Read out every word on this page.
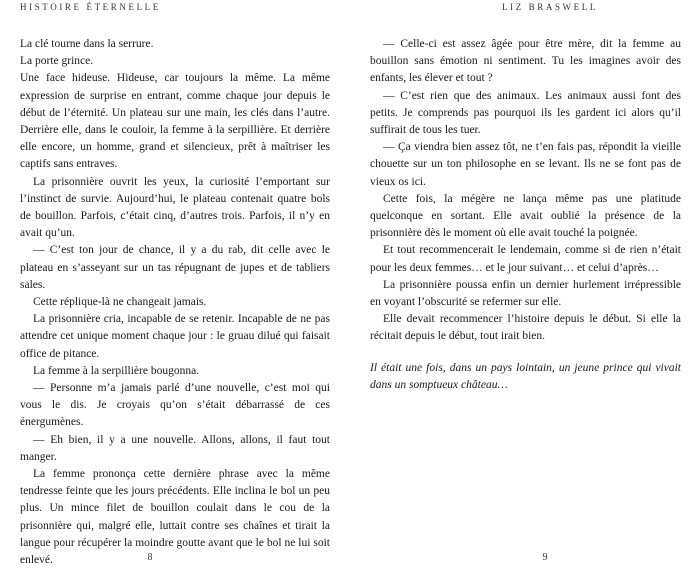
HISTOIRE ÉTERNELLE

La clé tourne dans la serrure.

La porte grince.

Une face hideuse. Hideuse, car toujours la même. La même expression de surprise en entrant, comme chaque jour depuis le début de l’éternité. Un plateau sur une main, les clés dans l’autre. Derrière elle, dans le couloir, la femme à la serpillière. Et derrière elle encore, un homme, grand et silencieux, prêt à maîtriser les captifs sans entraves.

La prisonnière ouvrit les yeux, la curiosité l’emportant sur l’instinct de survie. Aujourd’hui, le plateau contenait quatre bols de bouillon. Parfois, c’était cinq, d’autres trois. Parfois, il n’y en avait qu’un.

— C’est ton jour de chance, il y a du rab, dit celle avec le plateau en s’asseyant sur un tas répugnant de jupes et de tabliers sales.

Cette réplique-là ne changeait jamais.

La prisonnière cria, incapable de se retenir. Incapable de ne pas attendre cet unique moment chaque jour : le gruau dilué qui faisait office de pitance.

La femme à la serpillière bougonna.

— Personne m’a jamais parlé d’une nouvelle, c’est moi qui vous le dis. Je croyais qu’on s’était débarrassé de ces énergumènes.

— Eh bien, il y a une nouvelle. Allons, allons, il faut tout manger.

La femme prononça cette dernière phrase avec la même tendresse feinte que les jours précédents. Elle inclina le bol un peu plus. Un mince filet de bouillon coulait dans le cou de la prisonnière qui, malgré elle, luttait contre ses chaînes et tirait la langue pour récupérer la moindre goutte avant que le bol ne lui soit enlevé.	8
LIZ BRASWELL

— Celle-ci est assez âgée pour être mère, dit la femme au bouillon sans émotion ni sentiment. Tu les imagines avoir des enfants, les élever et tout ?

— C’est rien que des animaux. Les animaux aussi font des petits. Je comprends pas pourquoi ils les gardent ici alors qu’il suffirait de tous les tuer.

— Ça viendra bien assez tôt, ne t’en fais pas, répondit la vieille chouette sur un ton philosophe en se levant. Ils ne se font pas de vieux os ici.

Cette fois, la mégère ne lança même pas une platitude quelconque en sortant. Elle avait oublié la présence de la prisonnière dès le moment où elle avait touché la poignée.

Et tout recommencerait le lendemain, comme si de rien n’était pour les deux femmes… et le jour suivant… et celui d’après…

La prisonnière poussa enfin un dernier hurlement irrépressible en voyant l’obscurité se refermer sur elle.

Elle devait recommencer l’histoire depuis le début. Si elle la récitait depuis le début, tout irait bien.

Il était une fois, dans un pays lointain, un jeune prince qui vivait dans un somptueux château…

9
